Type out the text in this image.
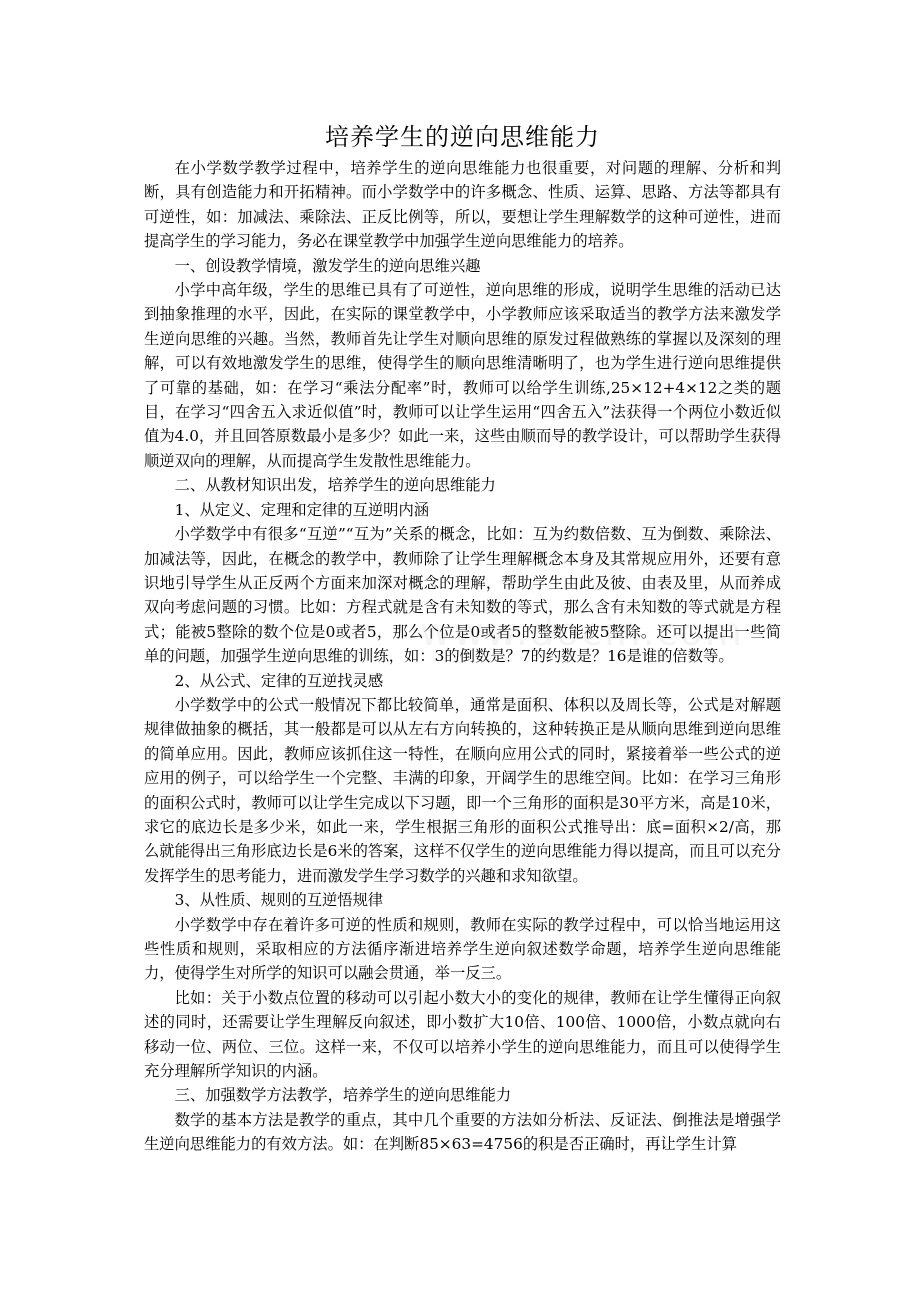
培养学生的逆向思维能力

在小学数学教学过程中，培养学生的逆向思维能力也很重要，对问题的理解、分析和判断，具有创造能力和开拓精神。而小学数学中的许多概念、性质、运算、思路、方法等都具有可逆性，如：加减法、乘除法、正反比例等，所以，要想让学生理解数学的这种可逆性，进而提高学生的学习能力，务必在课堂教学中加强学生逆向思维能力的培养。

一、创设教学情境，激发学生的逆向思维兴趣

小学中高年级，学生的思维已具有了可逆性，逆向思维的形成，说明学生思维的活动已达到抽象推理的水平，因此，在实际的课堂教学中，小学教师应该采取适当的教学方法来激发学生逆向思维的兴趣。当然，教师首先让学生对顺向思维的原发过程做熟练的掌握以及深刻的理解，可以有效地激发学生的思维，使得学生的顺向思维清晰明了，也为学生进行逆向思维提供了可靠的基础，如：在学习“乘法分配率”时，教师可以给学生训练,25×12+4×12之类的题目，在学习“四舍五入求近似值”时，教师可以让学生运用“四舍五入”法获得一个两位小数近似值为4.0，并且回答原数最小是多少？如此一来，这些由顺而导的教学设计，可以帮助学生获得顺逆双向的理解，从而提高学生发散性思维能力。

二、从教材知识出发，培养学生的逆向思维能力

1、从定义、定理和定律的互逆明内涵

小学数学中有很多“互逆”“互为”关系的概念，比如：互为约数倍数、互为倒数、乘除法、加减法等，因此，在概念的教学中，教师除了让学生理解概念本身及其常规应用外，还要有意识地引导学生从正反两个方面来加深对概念的理解，帮助学生由此及彼、由表及里，从而养成双向考虑问题的习惯。比如：方程式就是含有未知数的等式，那么含有未知数的等式就是方程式；能被5整除的数个位是0或者5，那么个位是0或者5的整数能被5整除。还可以提出一些简单的问题，加强学生逆向思维的训练，如：3的倒数是？7的约数是？16是谁的倍数等。

2、从公式、定律的互逆找灵感

小学数学中的公式一般情况下都比较简单，通常是面积、体积以及周长等，公式是对解题规律做抽象的概括，其一般都是可以从左右方向转换的，这种转换正是从顺向思维到逆向思维的简单应用。因此，教师应该抓住这一特性，在顺向应用公式的同时，紧接着举一些公式的逆应用的例子，可以给学生一个完整、丰满的印象，开阔学生的思维空间。比如：在学习三角形的面积公式时，教师可以让学生完成以下习题，即一个三角形的面积是30平方米，高是10米，求它的底边长是多少米，如此一来，学生根据三角形的面积公式推导出：底=面积×2/高，那么就能得出三角形底边长是6米的答案，这样不仅学生的逆向思维能力得以提高，而且可以充分发挥学生的思考能力，进而激发学生学习数学的兴趣和求知欲望。

3、从性质、规则的互逆悟规律

小学数学中存在着许多可逆的性质和规则，教师在实际的教学过程中，可以恰当地运用这些性质和规则，采取相应的方法循序渐进培养学生逆向叙述数学命题，培养学生逆向思维能力，使得学生对所学的知识可以融会贯通，举一反三。

比如：关于小数点位置的移动可以引起小数大小的变化的规律，教师在让学生懂得正向叙述的同时，还需要让学生理解反向叙述，即小数扩大10倍、100倍、1000倍，小数点就向右移动一位、两位、三位。这样一来，不仅可以培养小学生的逆向思维能力，而且可以使得学生充分理解所学知识的内涵。

三、加强数学方法教学，培养学生的逆向思维能力

数学的基本方法是教学的重点，其中几个重要的方法如分析法、反证法、倒推法是增强学生逆向思维能力的有效方法。如：在判断85×63=4756的积是否正确时，再让学生计算
